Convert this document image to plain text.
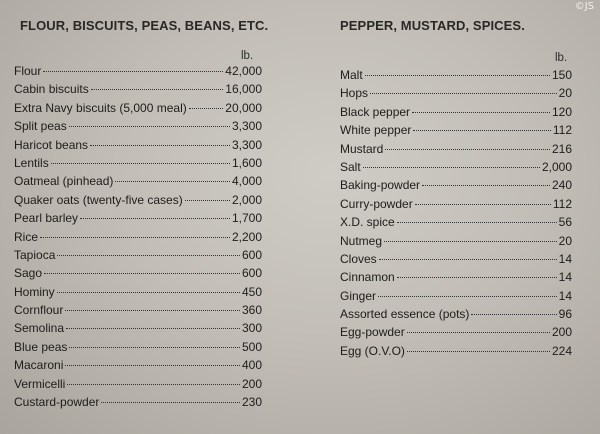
©JS
FLOUR, BISCUITS, PEAS, BEANS, ETC.
lb.
Flour	42,000
Cabin biscuits	16,000
Extra Navy biscuits (5,000 meal)	20,000
Split peas	3,300
Haricot beans	3,300
Lentils	1,600
Oatmeal (pinhead)	4,000
Quaker oats (twenty-five cases)	2,000
Pearl barley	1,700
Rice	2,200
Tapioca	600
Sago	600
Hominy	450
Cornflour	360
Semolina	300
Blue peas	500
Macaroni	400
Vermicelli	200
Custard-powder	230
PEPPER, MUSTARD, SPICES.
lb.
Malt	150
Hops	20
Black pepper	120
White pepper	112
Mustard	216
Salt	2,000
Baking-powder	240
Curry-powder	112
X.D. spice	56
Nutmeg	20
Cloves	14
Cinnamon	14
Ginger	14
Assorted essence (pots)	96
Egg-powder	200
Egg (O.V.O)	224
